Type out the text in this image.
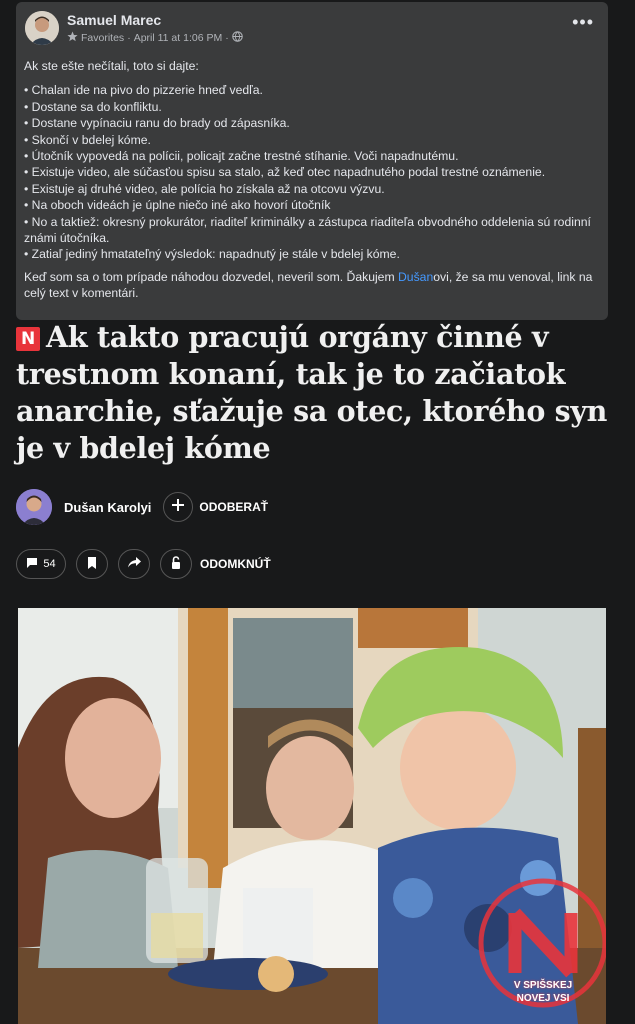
Samuel Marec
Favorites · April 11 at 1:06 PM ·
•••

Ak ste ešte nečítali, toto si dajte:

• Chalan ide na pivo do pizzerie hneď vedľa.
• Dostane sa do konfliktu.
• Dostane vypínaciu ranu do brady od zápasníka.
• Skončí v bdelej kóme.
• Útočník vypovedá na polícii, policajt začne trestné stíhanie. Voči napadnutému.
• Existuje video, ale súčasťou spisu sa stalo, až keď otec napadnutého podal trestné oznámenie.
• Existuje aj druhé video, ale polícia ho získala až na otcovu výzvu.
• Na oboch videách je úplne niečo iné ako hovorí útočník
• No a taktiež: okresný prokurátor, riaditeľ kriminálky a zástupca riaditeľa obvodného oddelenia sú rodinní známi útočníka.
• Zatiaľ jediný hmatateľný výsledok: napadnutý je stále v bdelej kóme.

Keď som sa o tom prípade náhodou dozvedel, neveril som. Ďakujem Dušanovi, že sa mu venoval, link na celý text v komentári.

N Ak takto pracujú orgány činné v trestnom konaní, tak je to začiatok anarchie, sťažuje sa otec, ktorého syn je v bdelej kóme
Dušan Karolyi	ODOBERAŤ
54	ODOMKNÚŤ
V SPIŠSKEJ
NOVEJ VSI
